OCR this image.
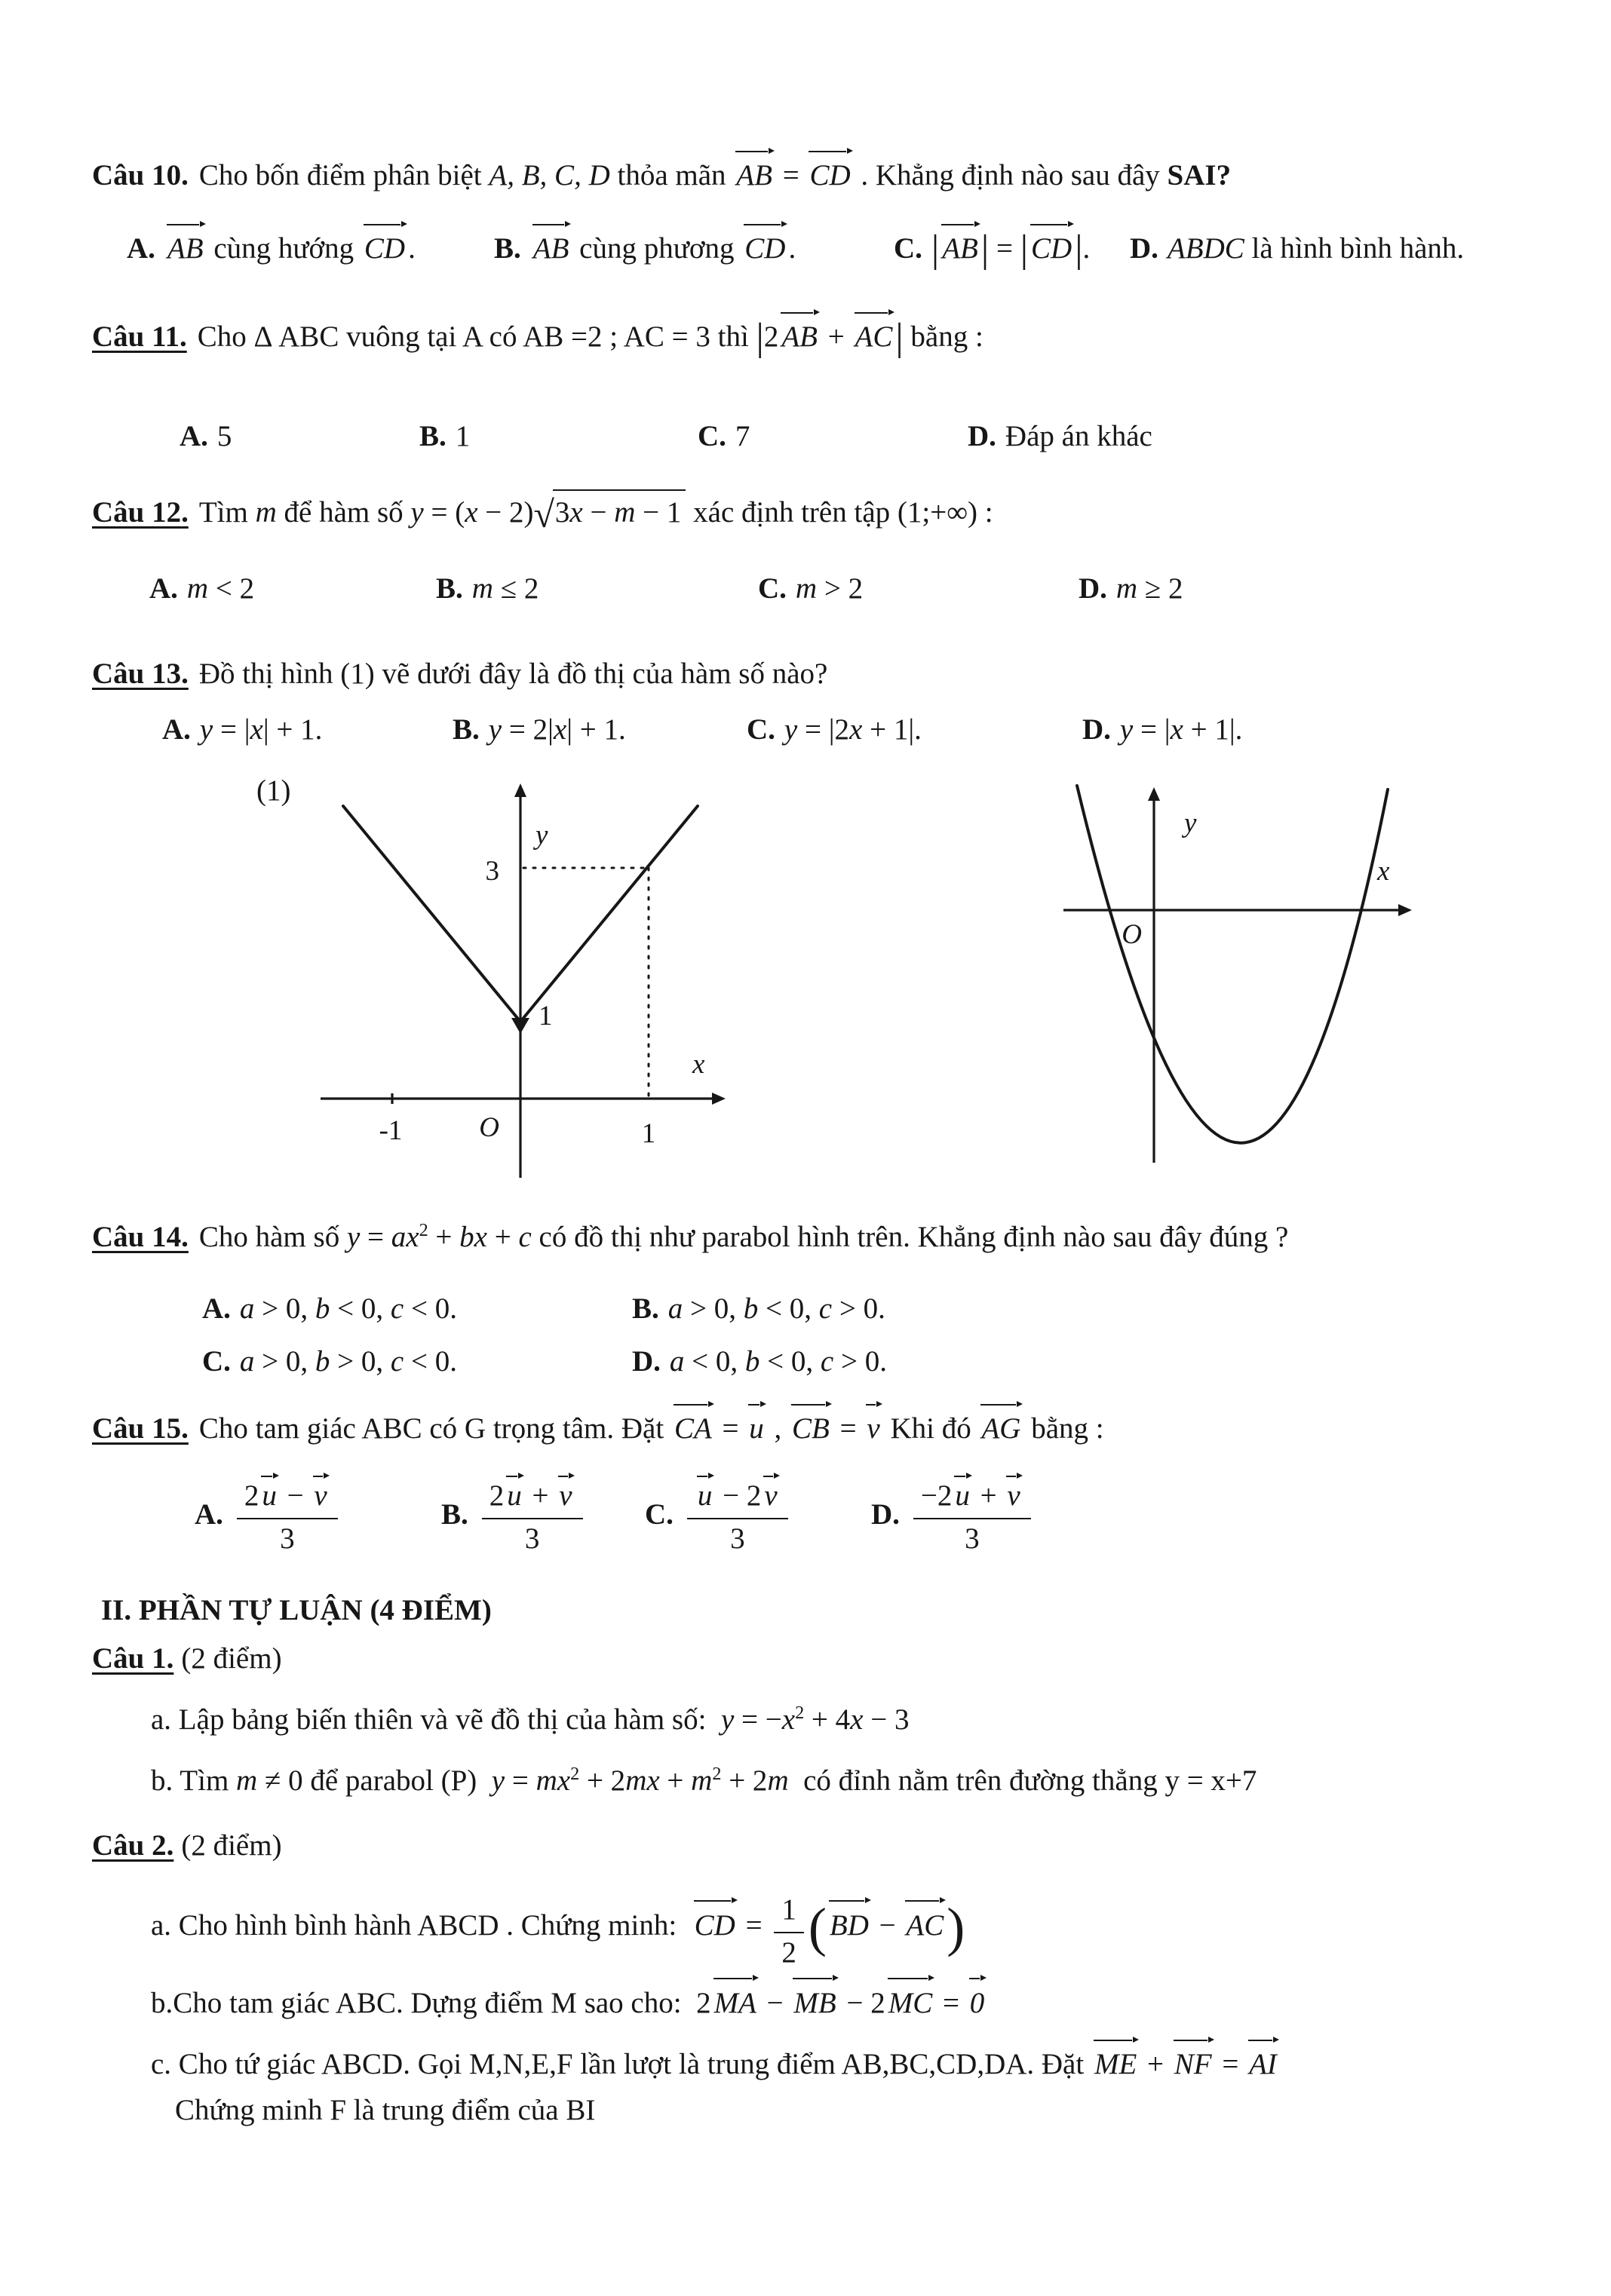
Câu 10. Cho bốn điểm phân biệt A, B, C, D thỏa mãn AB = CD . Khẳng định nào sau đây SAI?
A. AB cùng hướng CD .	B. AB cùng phương CD .	C. | AB| = | CD|.	D. ABDC là hình bình hành.
Câu 11. Cho Δ ABC vuông tại A có AB =2 ; AC = 3 thì |2 AB + AC| bằng :
A. 5	B. 1	C. 7	D. Đáp án khác
Câu 12. Tìm m để hàm số y = (x − 2)√3x − m − 1 xác định trên tập (1;+∞) :
A. m < 2	B. m ≤ 2	C. m > 2	D. m ≥ 2
Câu 13. Đồ thị hình (1) vẽ dưới đây là đồ thị của hàm số nào?
A. y = |x| + 1.	B. y = 2|x| + 1.	C. y = |2x + 1|.	D. y = |x + 1|.
(1)
3
y
1
x
-1	O	1
O
y
x
Câu 14. Cho hàm số $y = ax^2$ + bx + c có đồ thị như parabol hình trên. Khẳng định nào sau đây đúng ?
A. a > 0, b < 0, c < 0.	B. a > 0, b < 0, c > 0.
C. a > 0, b > 0, c < 0.	D. a < 0, b < 0, c > 0.
Câu 15. Cho tam giác ABC có G trọng tâm. Đặt CA = u , CB = v Khi đó AG bằng :
A. $\frac{2 u - v}{3}$	B. $\frac{2 u + v}{3} C$. $\frac{u - 2 v}{3}$	D. $\frac{-2 u + v}{3}$
II. PHẦN TỰ LUẬN (4 ĐIỂM)
Câu 1. (2 điểm)
a. Lập bảng biến thiên và vẽ đồ thị của hàm số:  $y = -x^2 + 4x - 3$
b. Tìm m ≠ 0 để parabol (P)  $y = mx^2 + 2mx + m^2 + 2m$  có đỉnh nằm trên đường thẳng y = x+7
Câu 2. (2 điểm)
a. Cho hình bình hành ABCD . Chứng minh:  CD = $\frac{1}{2}$ ( BD − AC)
b.Cho tam giác ABC. Dựng điểm M sao cho:  2 MA − MB − 2 MC = 0
c. Cho tứ giác ABCD. Gọi M,N,E,F lần lượt là trung điểm AB,BC,CD,DA. Đặt ME + NF = AI
Chứng minh F là trung điểm của BI
